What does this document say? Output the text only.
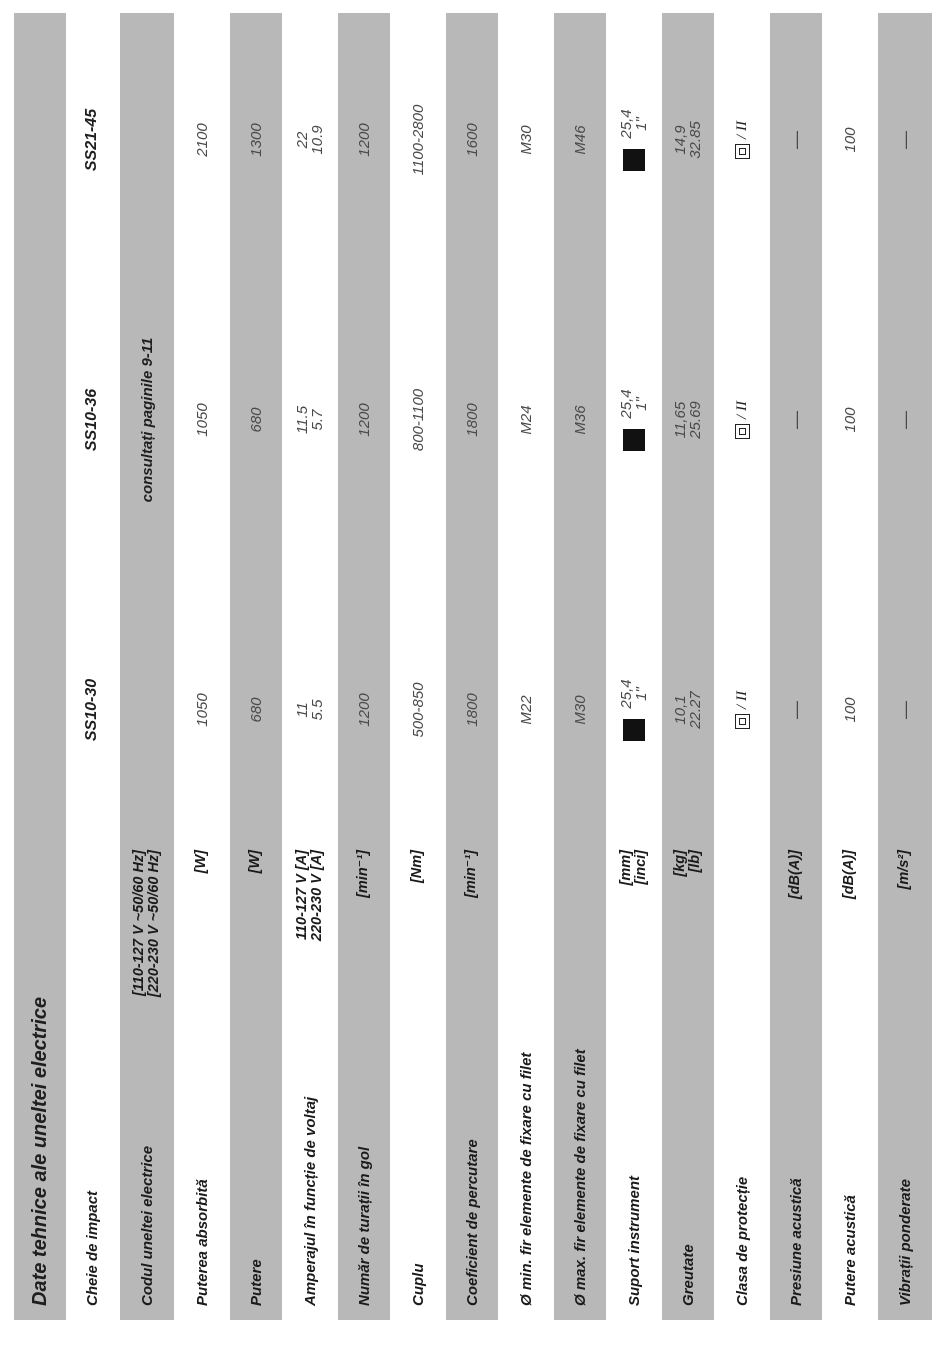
Date tehnice ale uneltei electrice	Cheie de impact
SS10-30
SS10-36
SS21-45
Codul uneltei electrice
[110-127 V ~50/60 Hz] [220-230 V ~50/60 Hz]
consultați paginile 9-11
Puterea absorbită
[W]
1050
1050
2100
Putere
[W]
680
680
1300
Amperajul în funcție de voltaj
110-127 V [A] 220-230 V [A]
11
5.5
11.5
5.7
22
10.9
Număr de turații în gol
[min⁻¹]
1200
1200
1200
Cuplu
[Nm]
500-850
800-1100
1100-2800
Coeficient de percutare
[min⁻¹]
1800
1800
1600
Ø min. fir elemente de fixare cu filet
M22
M24
M30
Ø max. fir elemente de fixare cu filet
M30
M36
M46
Suport instrument
[mm] [inci]
25,4
1"
25,4
1"
25,4
1"
Greutate
[kg] [lb]
10,1
22.27
11,65
25.69
14,9
32.85
Clasa de protecție
/ II
/ II
/ II
Presiune acustică
[dB(A)]
—
—
—
Putere acustică
[dB(A)]
100
100
100
Vibrații ponderate
[m/s²]
—
—
—
